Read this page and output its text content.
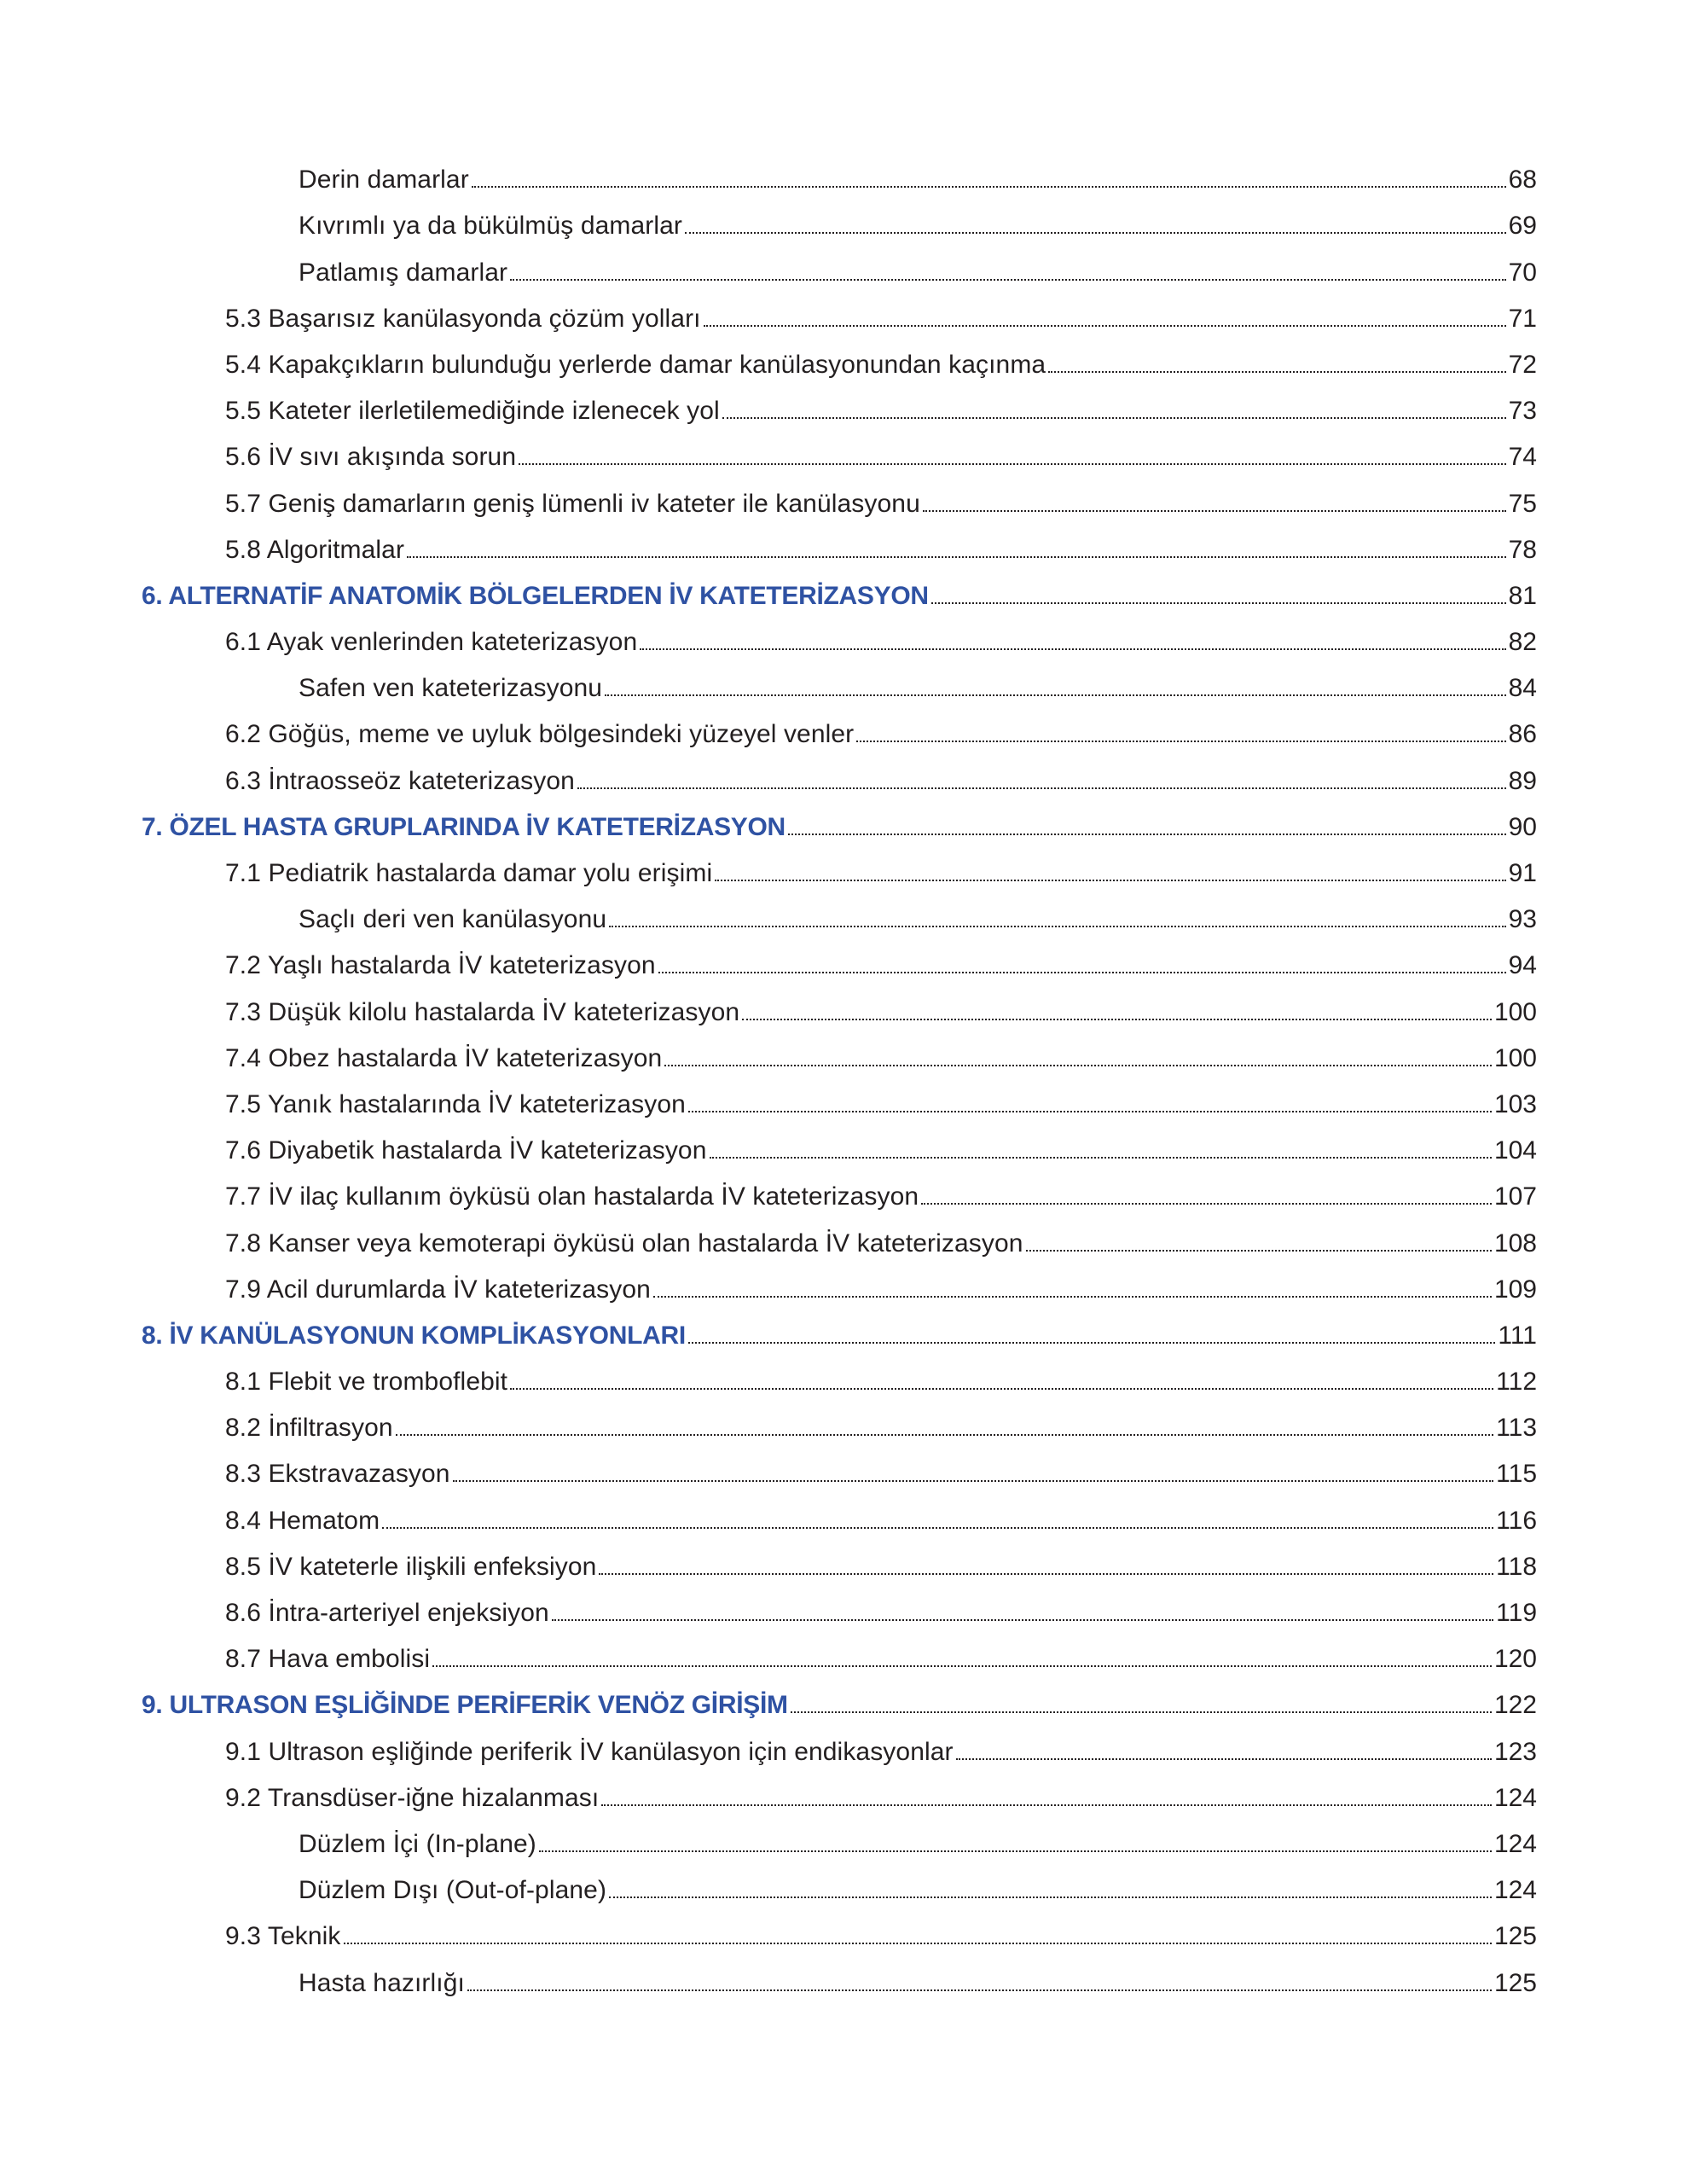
Derin damarlar	68
Kıvrımlı ya da bükülmüş damarlar	69
Patlamış damarlar	70
5.3 Başarısız kanülasyonda çözüm yolları	71
5.4 Kapakçıkların bulunduğu yerlerde damar kanülasyonundan kaçınma	72
5.5 Kateter ilerletilemediğinde izlenecek yol	73
5.6 İV sıvı akışında sorun	74
5.7 Geniş damarların geniş lümenli iv kateter ile kanülasyonu	75
5.8 Algoritmalar	78
6. ALTERNATİF ANATOMİK BÖLGELERDEN İV KATETERİZASYON	81
6.1 Ayak venlerinden kateterizasyon	82
Safen ven kateterizasyonu	84
6.2 Göğüs, meme ve uyluk bölgesindeki yüzeyel venler	86
6.3 İntraosseöz kateterizasyon	89
7. ÖZEL HASTA GRUPLARINDA İV KATETERİZASYON	90
7.1 Pediatrik hastalarda damar yolu erişimi	91
Saçlı deri ven kanülasyonu	93
7.2 Yaşlı hastalarda İV kateterizasyon	94
7.3 Düşük kilolu hastalarda İV kateterizasyon	100
7.4 Obez hastalarda İV kateterizasyon	100
7.5 Yanık hastalarında İV kateterizasyon	103
7.6 Diyabetik hastalarda İV kateterizasyon	104
7.7 İV ilaç kullanım öyküsü olan hastalarda İV kateterizasyon	107
7.8 Kanser veya kemoterapi öyküsü olan hastalarda İV kateterizasyon	108
7.9 Acil durumlarda İV kateterizasyon	109
8. İV KANÜLASYONUN KOMPLİKASYONLARI	111
8.1 Flebit ve tromboflebit	112
8.2 İnfiltrasyon	113
8.3 Ekstravazasyon	115
8.4 Hematom	116
8.5 İV kateterle ilişkili enfeksiyon	118
8.6 İntra-arteriyel enjeksiyon	119
8.7 Hava embolisi	120
9. ULTRASON EŞLİĞİNDE PERİFERİK VENÖZ GİRİŞİM	122
9.1 Ultrason eşliğinde periferik İV kanülasyon için endikasyonlar	123
9.2 Transdüser-iğne hizalanması	124
Düzlem İçi (In-plane)	124
Düzlem Dışı (Out-of-plane)	124
9.3 Teknik	125
Hasta hazırlığı	125
